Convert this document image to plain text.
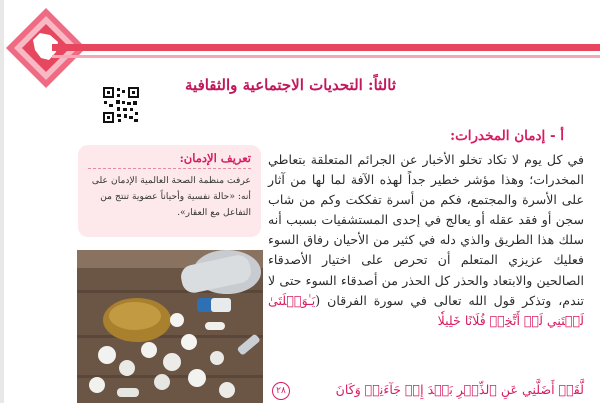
ثالثاً: التحديات الاجتماعية والثقافية
أ - إدمان المخدرات:

في كل يوم لا تكاد تخلو الأخبار عن الجرائم المتعلقة بتعاطي المخدرات؛ وهذا مؤشر خطير جداً لهذه الآفة لما لها من آثار على الأسرة والمجتمع، فكم من أسرة تفككت وكم من شاب سجن أو فقد عقله أو يعالج في إحدى المستشفيات بسبب أنه سلك هذا الطريق والذي دله في كثير من الأحيان رفاق السوء فعليك عزيزي المتعلم أن تحرص على اختيار الأصدقاء الصالحين والابتعاد والحذر كل الحذر من أصدقاء السوء حتى لا تندم، وتذكر قول الله تعالى في سورة الفرقان (يَـٰوَيۡلَتَىٰ لَيۡتَنِي لَمۡ أَتَّخِذۡ فُلَانًا خَلِيلٗا

لَّقَدۡ أَضَلَّنِي عَنِ ٱلذِّكۡرِ بَعۡدَ إِذۡ جَآءَنِيۚ وَكَانَ

٢٨

تعريف الإدمان:

عرفت منظمة الصحة العالمية الإدمان على أنه: «حالة نفسية وأحياناً عضوية تنتج من التفاعل مع العقار».
